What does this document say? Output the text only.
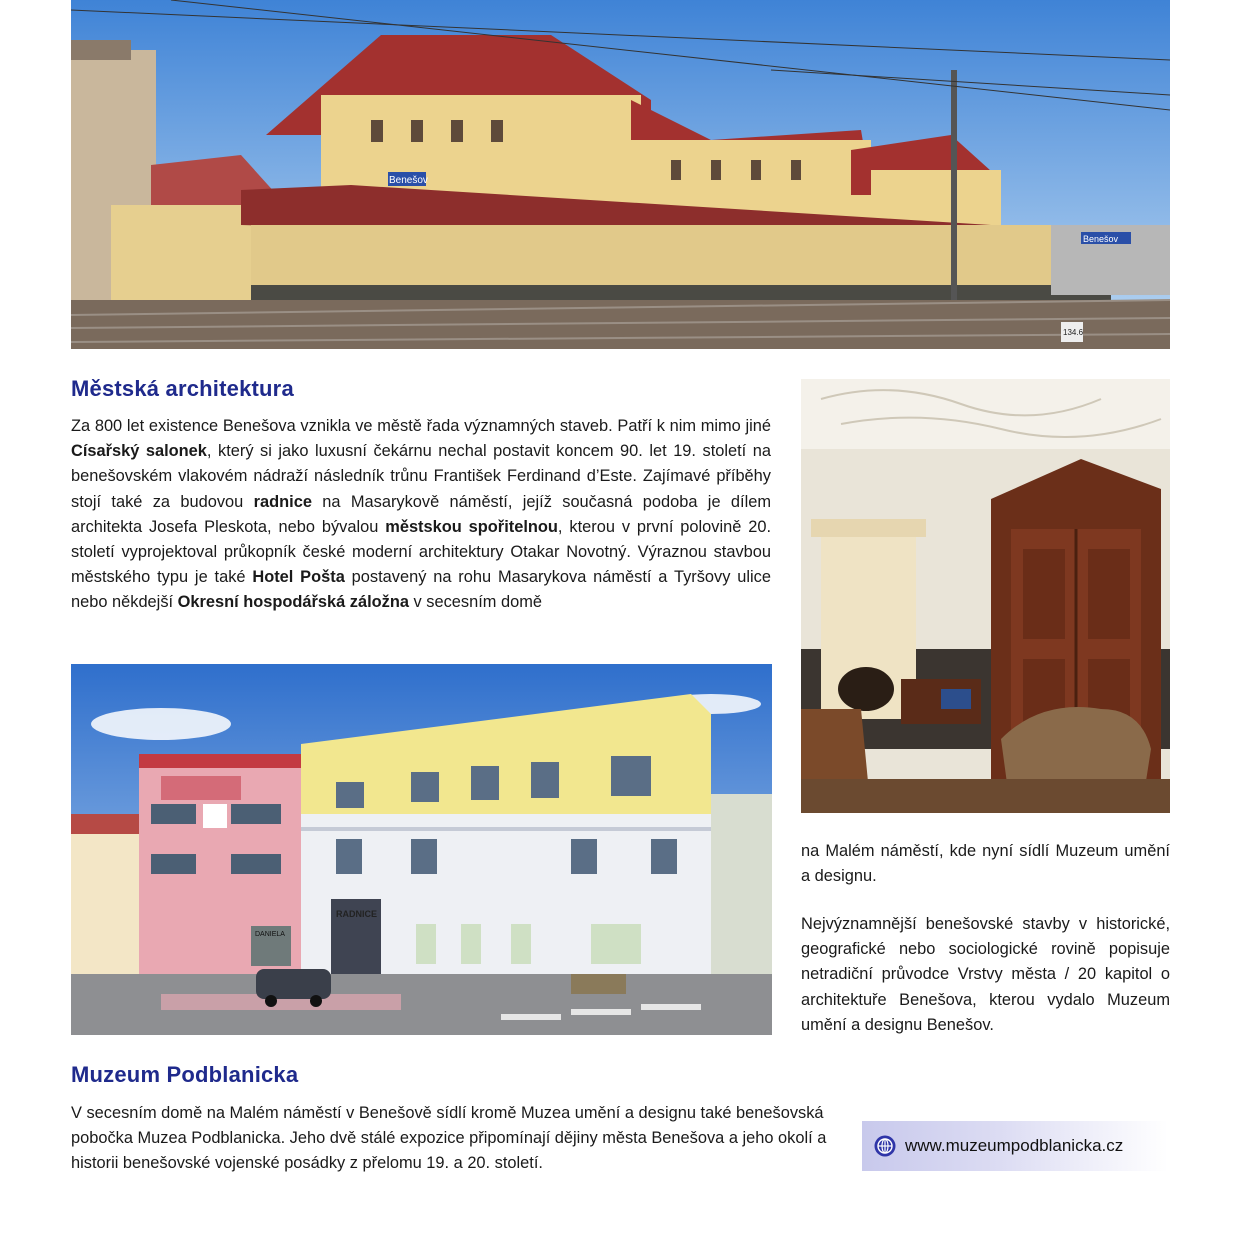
Benešov
Benešov
134.6
Městská architektura
Za 800 let existence Benešova vznikla ve městě řada významných staveb. Patří k nim mimo jiné Císařský salonek, který si jako luxusní čekárnu nechal postavit koncem 90. let 19. století na benešovském vlakovém nádraží následník trůnu František Ferdinand d’Este. Zajímavé příběhy stojí také za budovou radnice na Masarykově náměstí, jejíž současná podoba je dílem architekta Josefa Pleskota, nebo bývalou městskou spořitelnou, kterou v první polovině 20. století vyprojektoval průkopník české moderní architektury Otakar Novotný. Výraznou stavbou městského typu je také Hotel Pošta postavený na rohu Masarykova náměstí a Tyršovy ulice nebo někdejší Okresní hospodářská záložna v secesním domě
RADNICE
DANIELA
na Malém náměstí, kde nyní sídlí Muzeum umění a designu.
Nejvýznamnější benešovské stavby v historické, geografické nebo sociologické rovině popisuje netradiční průvodce Vrstvy města / 20 kapitol o architektuře Benešova, kterou vydalo Muzeum umění a designu Benešov.
Muzeum Podblanicka
V secesním domě na Malém náměstí v Benešově sídlí kromě Muzea umění a designu také benešovská pobočka Muzea Podblanicka. Jeho dvě stálé expozice připomínají dějiny města Benešova a jeho okolí a historii benešovské vojenské posádky z přelomu 19. a 20. století.
www.muzeumpodblanicka.cz
